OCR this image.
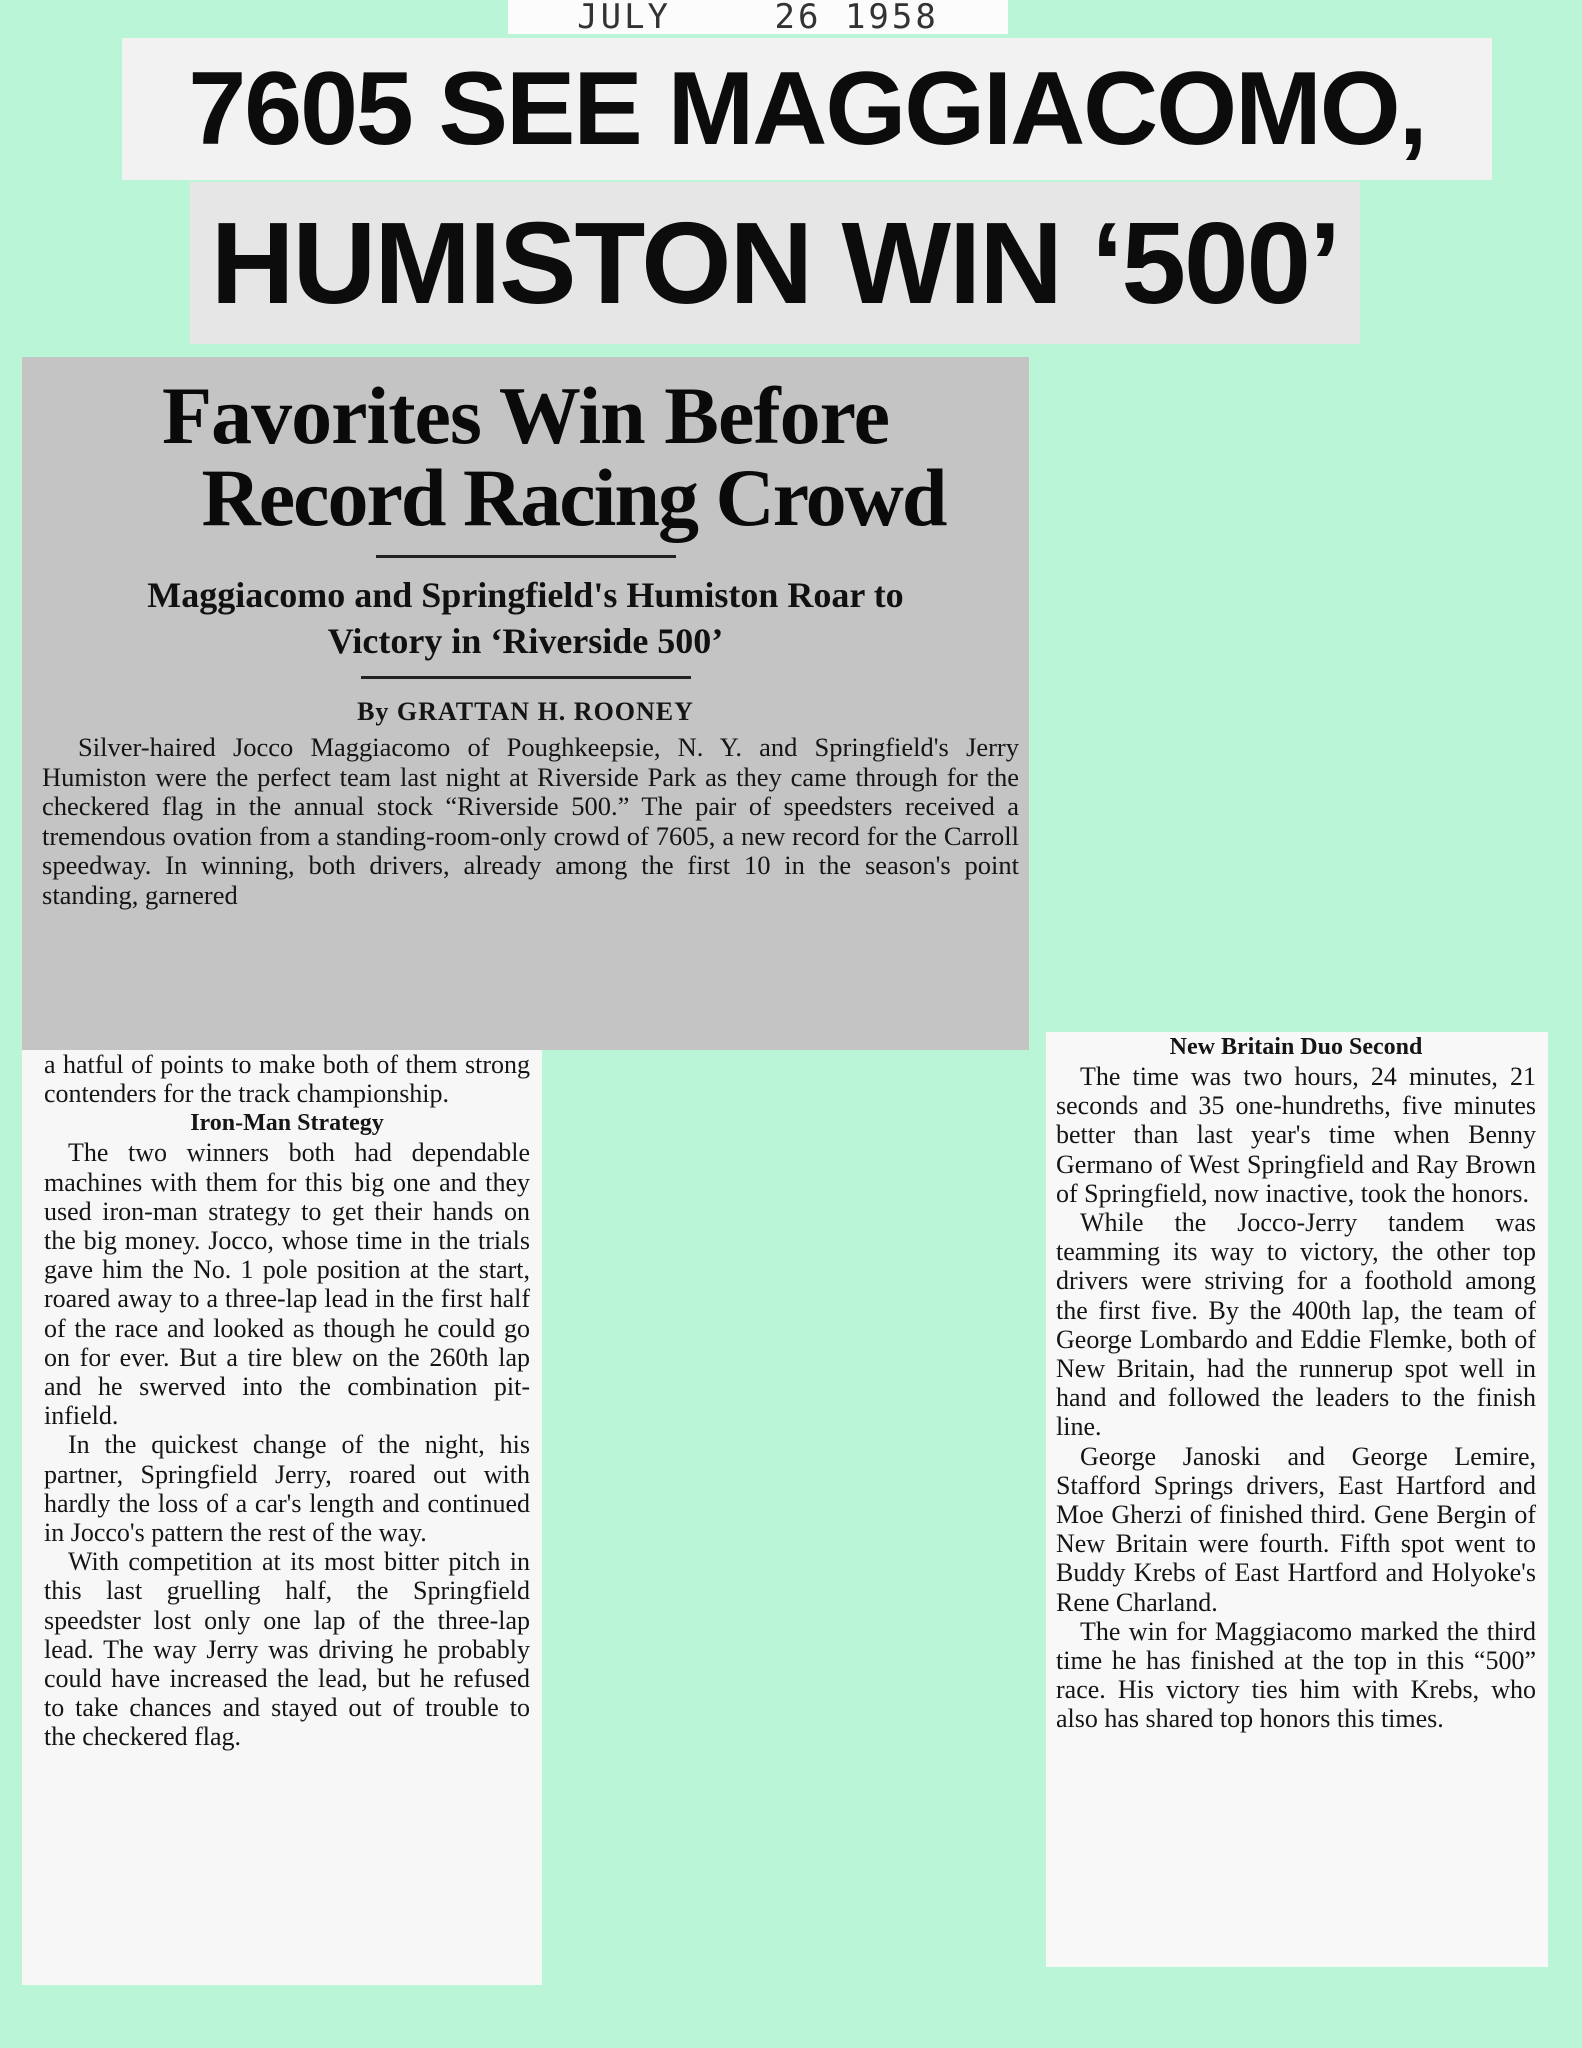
JULY	26 1958
7605 SEE MAGGIACOMO,
HUMISTON WIN ‘500’
Favorites Win Before
Record Racing Crowd
Maggiacomo and Springfield's Humiston Roar to
Victory in ‘Riverside 500’
By GRATTAN H. ROONEY

Silver-haired Jocco Maggiacomo of Poughkeepsie, N. Y. and Springfield's Jerry Humiston were the perfect team last night at Riverside Park as they came through for the checkered flag in the annual stock “Riverside 500.” The pair of speedsters received a tremendous ovation from a standing-room-only crowd of 7605, a new record for the Carroll speedway. In winning, both drivers, already among the first 10 in the season's point standing, garnered

a hatful of points to make both of them strong contenders for the track championship.

Iron-Man Strategy

The two winners both had dependable machines with them for this big one and they used iron-man strategy to get their hands on the big money. Jocco, whose time in the trials gave him the No. 1 pole position at the start, roared away to a three-lap lead in the first half of the race and looked as though he could go on for ever. But a tire blew on the 260th lap and he swerved into the combination pit-infield.

In the quickest change of the night, his partner, Springfield Jerry, roared out with hardly the loss of a car's length and continued in Jocco's pattern the rest of the way.

With competition at its most bitter pitch in this last gruelling half, the Springfield speedster lost only one lap of the three-lap lead. The way Jerry was driving he probably could have increased the lead, but he refused to take chances and stayed out of trouble to the checkered flag.

New Britain Duo Second

The time was two hours, 24 minutes, 21 seconds and 35 one-hundreths, five minutes better than last year's time when Benny Germano of West Springfield and Ray Brown of Springfield, now inactive, took the honors.

While the Jocco-Jerry tandem was teamming its way to victory, the other top drivers were striving for a foothold among the first five. By the 400th lap, the team of George Lombardo and Eddie Flemke, both of New Britain, had the runnerup spot well in hand and followed the leaders to the finish line.

George Janoski and George Lemire, Stafford Springs drivers, East Hartford and Moe Gherzi of finished third. Gene Bergin of New Britain were fourth. Fifth spot went to Buddy Krebs of East Hartford and Holyoke's Rene Charland.

The win for Maggiacomo marked the third time he has finished at the top in this “500” race. His victory ties him with Krebs, who also has shared top honors this times.
